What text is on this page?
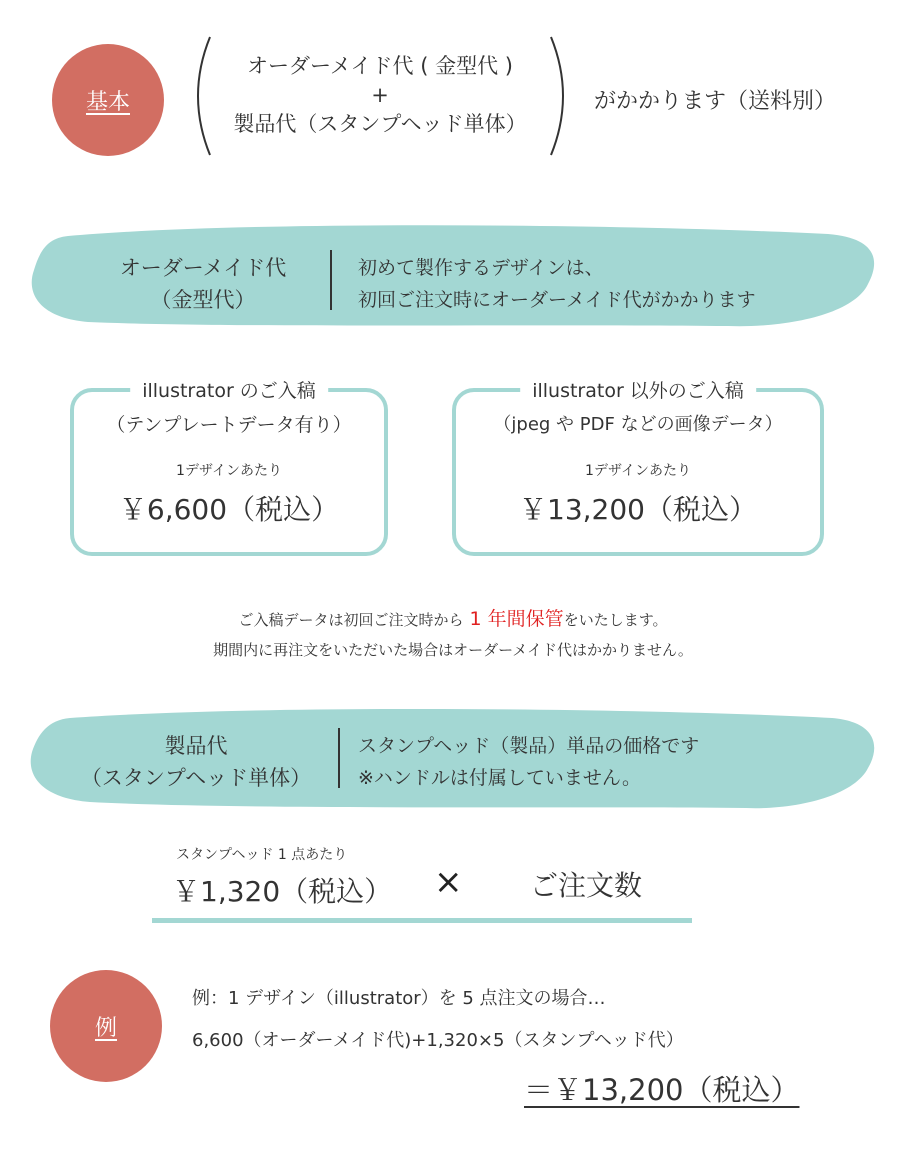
基本
オーダーメイド代 ( 金型代 )
+
製品代（スタンプヘッド単体）
がかかります（送料別）
オーダーメイド代
（金型代）
初めて製作するデザインは、
初回ご注文時にオーダーメイド代がかかります
illustrator のご入稿
（テンプレートデータ有り）
1デザインあたり
￥6,600（税込）
illustrator 以外のご入稿
（jpeg や PDF などの画像データ）
1デザインあたり
￥13,200（税込）
ご入稿データは初回ご注文時から 1 年間保管をいたします。
期間内に再注文をいただいた場合はオーダーメイド代はかかりません。
製品代
（スタンプヘッド単体）
スタンプヘッド（製品）単品の価格です
※ハンドルは付属していません。
スタンプヘッド 1 点あたり
￥1,320（税込） × ご注文数
例
例：1 デザイン（illustrator）を 5 点注文の場合…
6,600（オーダーメイド代)+1,320×5（スタンプヘッド代）
＝￥13,200（税込）
